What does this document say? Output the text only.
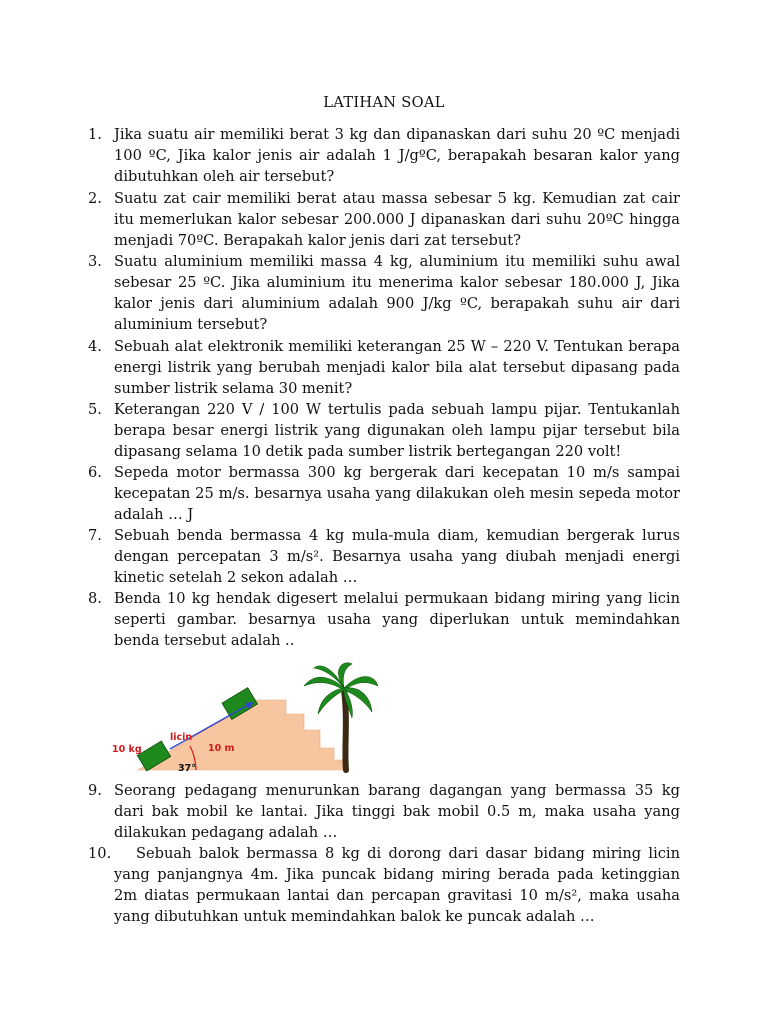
LATIHAN SOAL
1. Jika suatu air memiliki berat 3 kg dan dipanaskan dari suhu 20 ºC menjadi 100 ºC, Jika kalor jenis air adalah 1 J/gºC, berapakah besaran kalor yang dibutuhkan oleh air tersebut?
2. Suatu zat cair memiliki berat atau massa sebesar 5 kg. Kemudian zat cair itu memerlukan kalor sebesar 200.000 J dipanaskan dari suhu 20ºC hingga menjadi 70ºC. Berapakah kalor jenis dari zat tersebut?
3. Suatu aluminium memiliki massa 4 kg, aluminium itu memiliki suhu awal sebesar 25 ºC. Jika aluminium itu menerima kalor sebesar 180.000 J, Jika kalor jenis dari aluminium adalah 900 J/kg ºC, berapakah suhu air dari aluminium tersebut?
4. Sebuah alat elektronik memiliki keterangan 25 W – 220 V. Tentukan berapa energi listrik yang berubah menjadi kalor bila alat tersebut dipasang pada sumber listrik selama 30 menit?
5. Keterangan 220 V / 100 W tertulis pada sebuah lampu pijar. Tentukanlah berapa besar energi listrik yang digunakan oleh lampu pijar tersebut bila dipasang selama 10 detik pada sumber listrik bertegangan 220 volt!
6. Sepeda motor bermassa 300 kg bergerak dari kecepatan 10 m/s sampai kecepatan 25 m/s. besarnya usaha yang dilakukan oleh mesin sepeda motor adalah … J
7. Sebuah benda bermassa 4 kg mula-mula diam, kemudian bergerak lurus dengan percepatan 3 m/s². Besarnya usaha yang diubah menjadi energi kinetic setelah 2 sekon adalah …
8. Benda 10 kg hendak digesert melalui permukaan bidang miring yang licin seperti gambar. besarnya usaha yang diperlukan untuk memindahkan benda tersebut adalah ..
10 kg
licin
10 m
37°
9. Seorang pedagang menurunkan barang dagangan yang bermassa 35 kg dari bak mobil ke lantai. Jika tinggi bak mobil 0.5 m, maka usaha yang dilakukan pedagang adalah …
10.	Sebuah balok bermassa 8 kg di dorong dari dasar bidang miring licin yang panjangnya 4m. Jika puncak bidang miring berada pada ketinggian 2m diatas permukaan lantai dan percapan gravitasi 10 m/s², maka usaha yang dibutuhkan untuk memindahkan balok ke puncak adalah …
